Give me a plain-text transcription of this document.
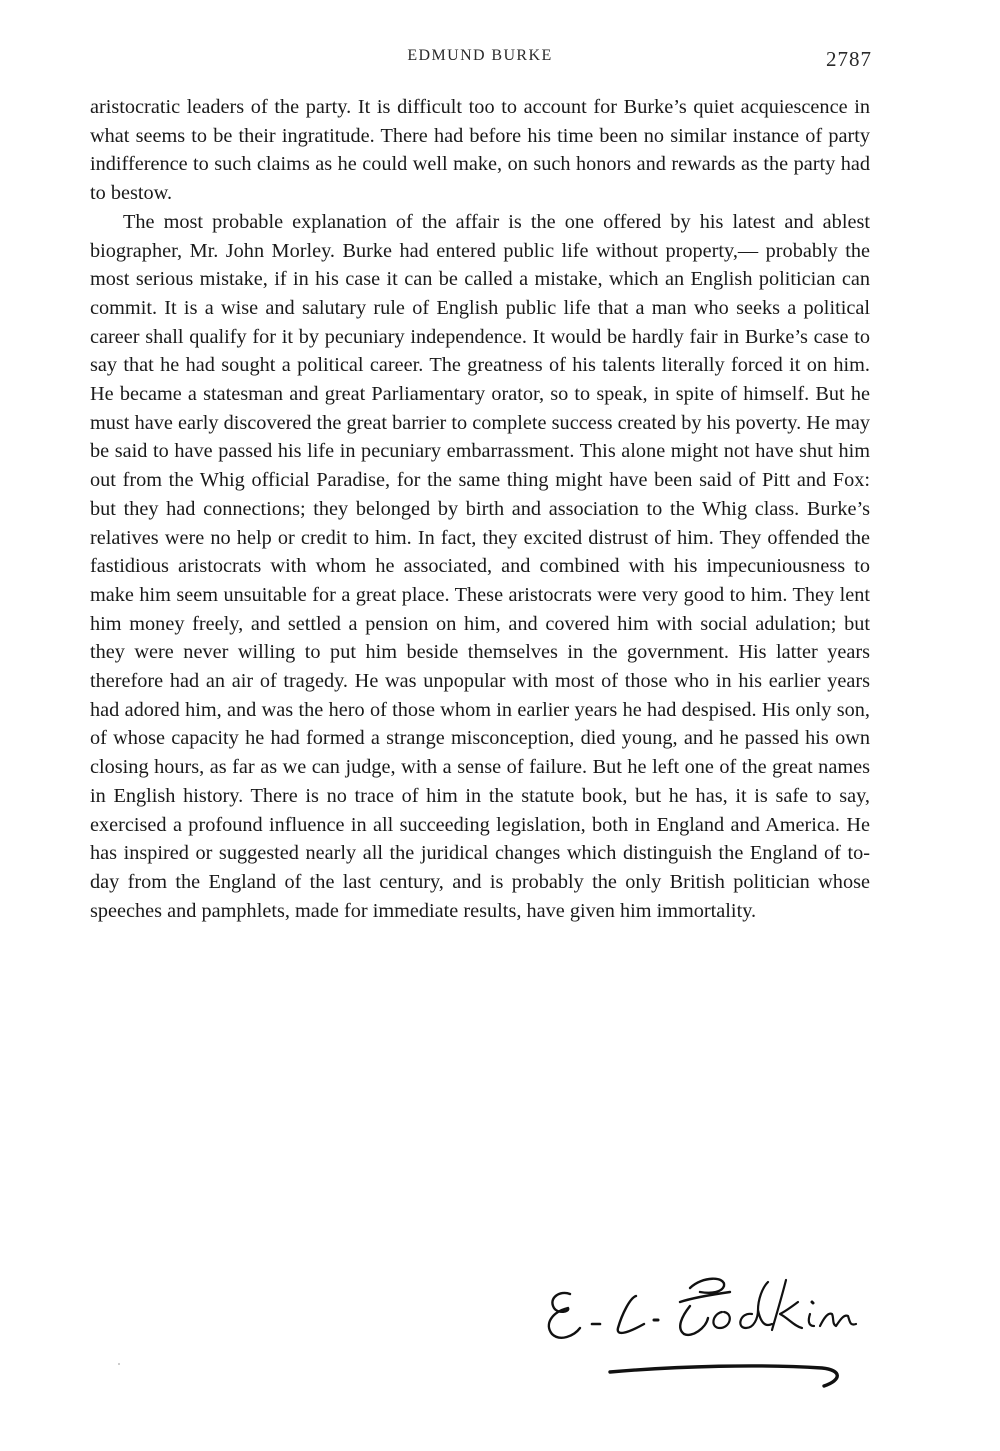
EDMUND BURKE	2787

aristocratic leaders of the party. It is difficult too to account for Burke’s quiet acquiescence in what seems to be their ingratitude. There had before his time been no similar instance of party indifference to such claims as he could well make, on such honors and rewards as the party had to bestow.

The most probable explanation of the affair is the one offered by his latest and ablest biographer, Mr. John Morley. Burke had entered public life without property,— probably the most serious mistake, if in his case it can be called a mistake, which an English politician can commit. It is a wise and salutary rule of English public life that a man who seeks a political career shall qualify for it by pecuniary independence. It would be hardly fair in Burke’s case to say that he had sought a political career. The greatness of his talents literally forced it on him. He became a statesman and great Parliamentary orator, so to speak, in spite of himself. But he must have early discovered the great barrier to complete success created by his poverty. He may be said to have passed his life in pecuniary embarrassment. This alone might not have shut him out from the Whig official Paradise, for the same thing might have been said of Pitt and Fox: but they had connections; they belonged by birth and association to the Whig class. Burke’s relatives were no help or credit to him. In fact, they excited distrust of him. They offended the fastidious aristocrats with whom he associated, and combined with his impecuniousness to make him seem unsuitable for a great place. These aristocrats were very good to him. They lent him money freely, and settled a pension on him, and covered him with social adulation; but they were never willing to put him beside themselves in the government. His latter years therefore had an air of tragedy. He was unpopular with most of those who in his earlier years had adored him, and was the hero of those whom in earlier years he had despised. His only son, of whose capacity he had formed a strange misconception, died young, and he passed his own closing hours, as far as we can judge, with a sense of failure. But he left one of the great names in English history. There is no trace of him in the statute book, but he has, it is safe to say, exercised a profound influence in all succeeding legislation, both in England and America. He has inspired or suggested nearly all the juridical changes which distinguish the England of to-day from the England of the last century, and is probably the only British politician whose speeches and pamphlets, made for immediate results, have given him immortality.
